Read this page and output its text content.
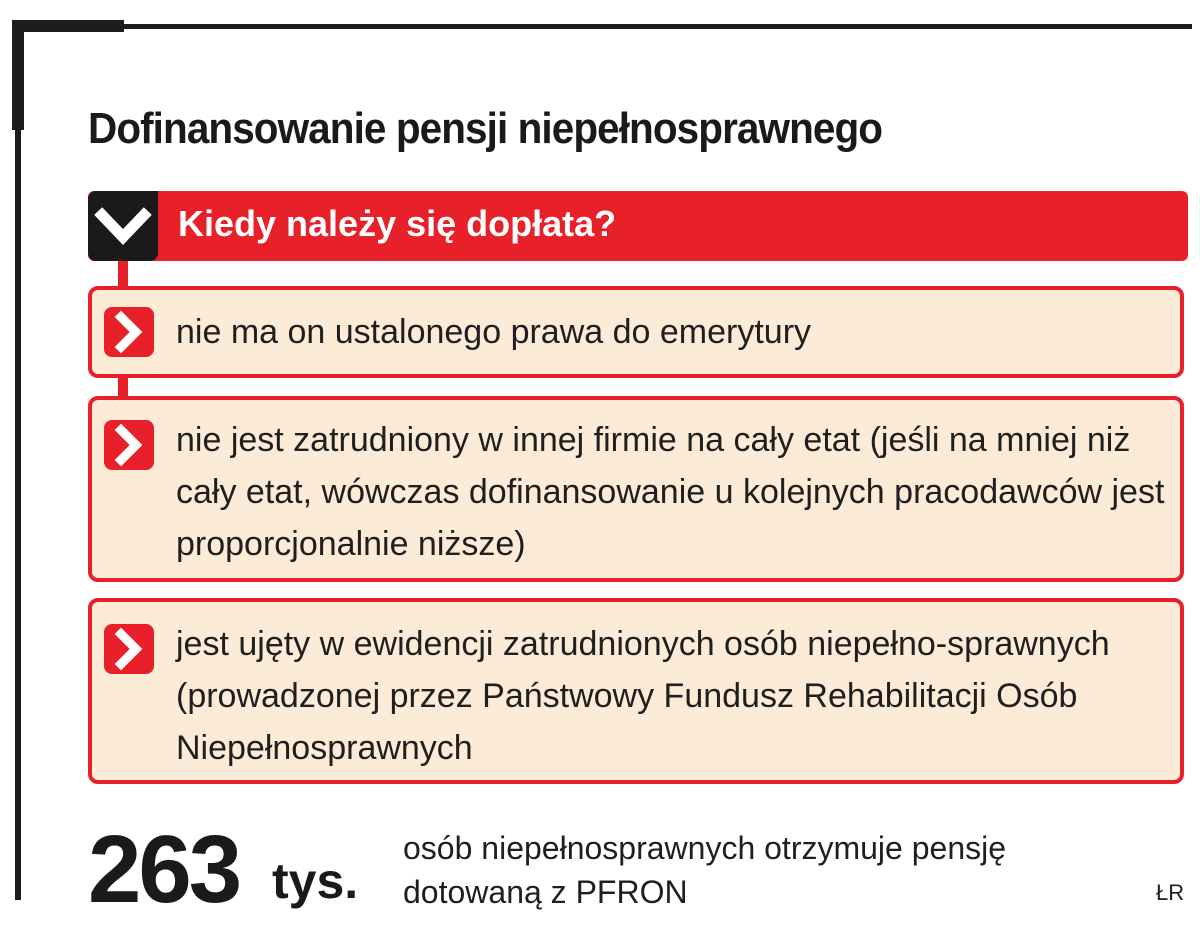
Dofinansowanie pensji niepełnosprawnego
Kiedy należy się dopłata?
nie ma on ustalonego prawa do emerytury
nie jest zatrudniony w innej firmie na cały etat (jeśli na mniej niż cały etat, wówczas dofinansowanie u kolejnych pracodawców jest proporcjonalnie niższe)
jest ujęty w ewidencji zatrudnionych osób niepełno-sprawnych (prowadzonej przez Państwowy Fundusz Rehabilitacji Osób Niepełnosprawnych
263 tys.
osób niepełnosprawnych otrzymuje pensję dotowaną z PFRON	ŁR
